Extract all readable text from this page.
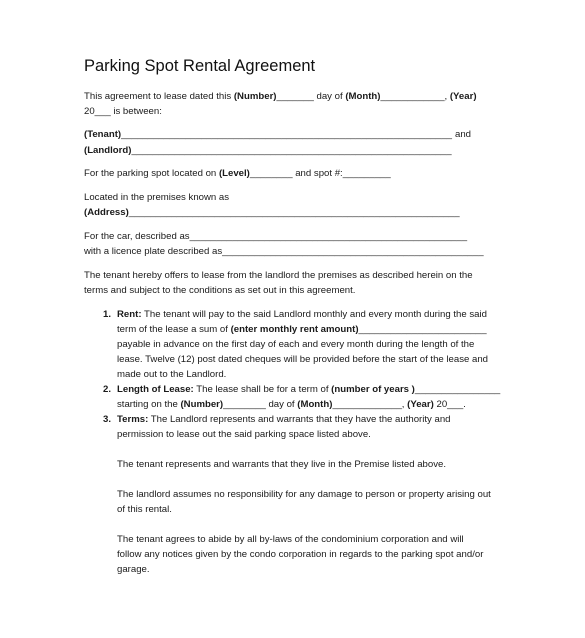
Parking Spot Rental Agreement
This agreement to lease dated this (Number)_______ day of (Month)____________, (Year)
20___ is between:
(Tenant)______________________________________________________________ and
(Landlord)____________________________________________________________
For the parking spot located on (Level)________ and spot #:_________
Located in the premises known as
(Address)______________________________________________________________
For the car, described as____________________________________________________
with a licence plate described as_________________________________________________
The tenant hereby offers to lease from the landlord the premises as described herein on the
terms and subject to the conditions as set out in this agreement.
1. Rent: The tenant will pay to the said Landlord monthly and every month during the said
term of the lease a sum of (enter monthly rent amount)________________________
payable in advance on the first day of each and every month during the length of the
lease. Twelve (12) post dated cheques will be provided before the start of the lease and
made out to the Landlord.
2. Length of Lease: The lease shall be for a term of (number of years )________________
starting on the (Number)________ day of (Month)_____________, (Year) 20___.
3. Terms: The Landlord represents and warrants that they have the authority and
permission to lease out the said parking space listed above.
The tenant represents and warrants that they live in the Premise listed above.
The landlord assumes no responsibility for any damage to person or property arising out
of this rental.
The tenant agrees to abide by all by-laws of the condominium corporation and will
follow any notices given by the condo corporation in regards to the parking spot and/or
garage.
